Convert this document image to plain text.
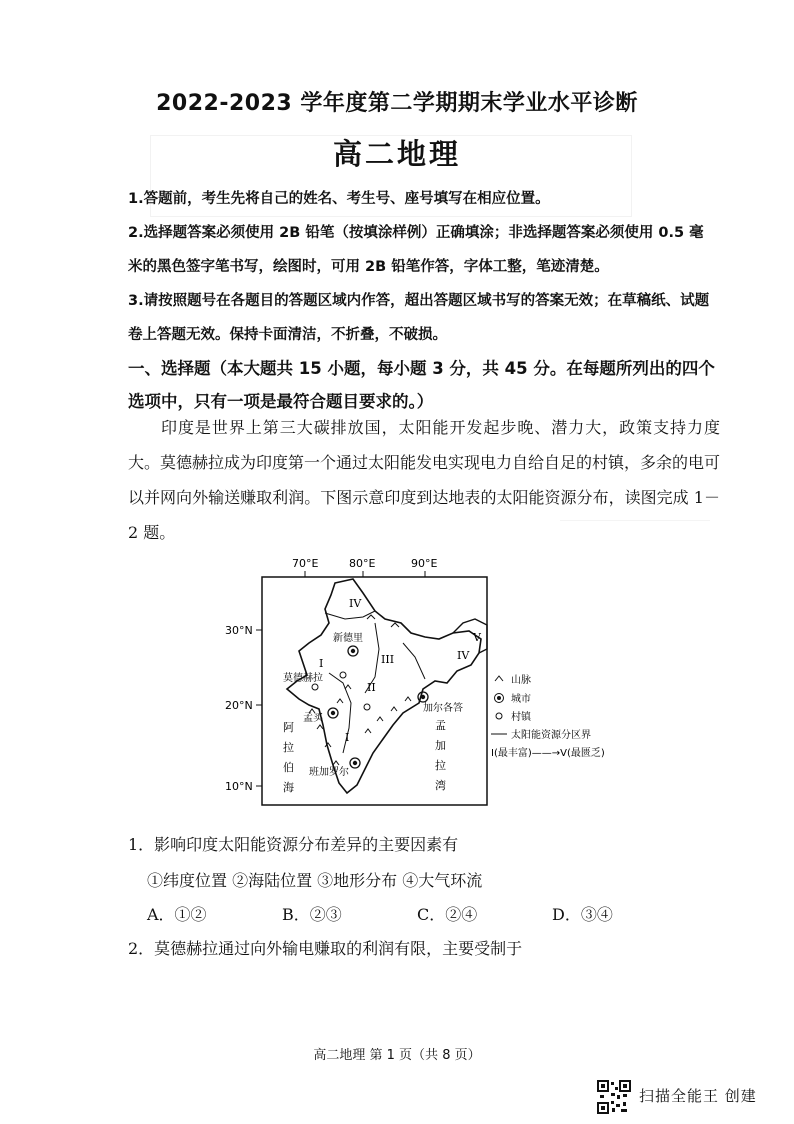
2022-2023 学年度第二学期期末学业水平诊断
高二地理

1.答题前，考生先将自己的姓名、考生号、座号填写在相应位置。

2.选择题答案必须使用 2B 铅笔（按填涂样例）正确填涂；非选择题答案必须使用 0.5 毫米的黑色签字笔书写，绘图时，可用 2B 铅笔作答，字体工整，笔迹清楚。

3.请按照题号在各题目的答题区域内作答，超出答题区域书写的答案无效；在草稿纸、试题卷上答题无效。保持卡面清洁，不折叠，不破损。

一、选择题（本大题共 15 小题，每小题 3 分，共 45 分。在每题所列出的四个选项中，只有一项是最符合题目要求的。）
印度是世界上第三大碳排放国，太阳能开发起步晚、潜力大，政策支持力度大。莫德赫拉成为印度第一个通过太阳能发电实现电力自给自足的村镇，多余的电可以并网向外输送赚取利润。下图示意印度到达地表的太阳能资源分布，读图完成 1－2 题。
70°E	80°E	90°E
30°N
20°N
10°N
新德里
莫德赫拉
孟买
加尔各答
班加罗尔
I
II
III
IV
V
IV
I
阿
拉
伯
海
孟
加
拉
湾
山脉
城市
村镇
太阳能资源分区界
I(最丰富)——→V(最匮乏)
1．影响印度太阳能资源分布差异的主要因素有
①纬度位置 ②海陆位置 ③地形分布 ④大气环流
A．①②	B．②③	C．②④	D．③④
2．莫德赫拉通过向外输电赚取的利润有限，主要受制于
高二地理 第 1 页（共 8 页）
扫描全能王 创建
